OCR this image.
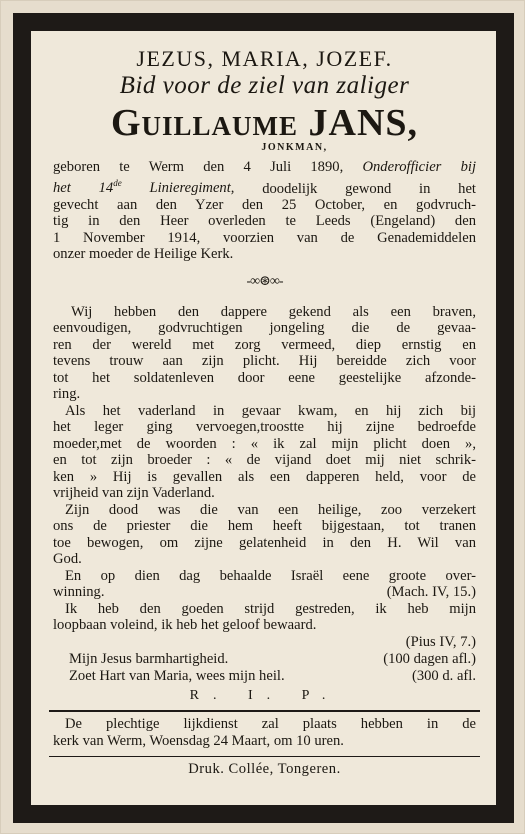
JEZUS, MARIA, JOZEF.
Bid voor de ziel van zaliger
Guillaume JANS,
JONKMAN,
geboren te Werm den 4 Juli 1890, Onderofficier bij
het 14de Linieregiment, doodelijk gewond in het
gevecht aan den Yzer den 25 October, en godvruch-
tig in den Heer overleden te Leeds (Engeland) den
1 November 1914, voorzien van de Genademiddelen
onzer moeder de Heilige Kerk.
-∞⊛∞-
Wij hebben den dappere gekend als een braven,
eenvoudigen, godvruchtigen jongeling die de gevaa-
ren der wereld met zorg vermeed, diep ernstig en
tevens trouw aan zijn plicht. Hij bereidde zich voor
tot het soldatenleven door eene geestelijke afzonde-
ring.
Als het vaderland in gevaar kwam, en hij zich bij
het leger ging vervoegen,troostte hij zijne bedroefde
moeder,met de woorden : « ik zal mijn plicht doen »,
en tot zijn broeder : « de vijand doet mij niet schrik-
ken » Hij is gevallen als een dapperen held, voor de
vrijheid van zijn Vaderland.
Zijn dood was die van een heilige, zoo verzekert
ons de priester die hem heeft bijgestaan, tot tranen
toe bewogen, om zijne gelatenheid in den H. Wil van
God.
En op dien dag behaalde Israël eene groote over-
winning.	(Mach. IV, 15.)
Ik heb den goeden strijd gestreden, ik heb mijn
loopbaan voleind, ik heb het geloof bewaard.
(Pius IV, 7.)
Mijn Jesus barmhartigheid.	(100 dagen afl.)
Zoet Hart van Maria, wees mijn heil.	(300 d. afl.
R. I. P.
De plechtige lijkdienst zal plaats hebben in de
kerk van Werm, Woensdag 24 Maart, om 10 uren.
Druk. Collée, Tongeren.
